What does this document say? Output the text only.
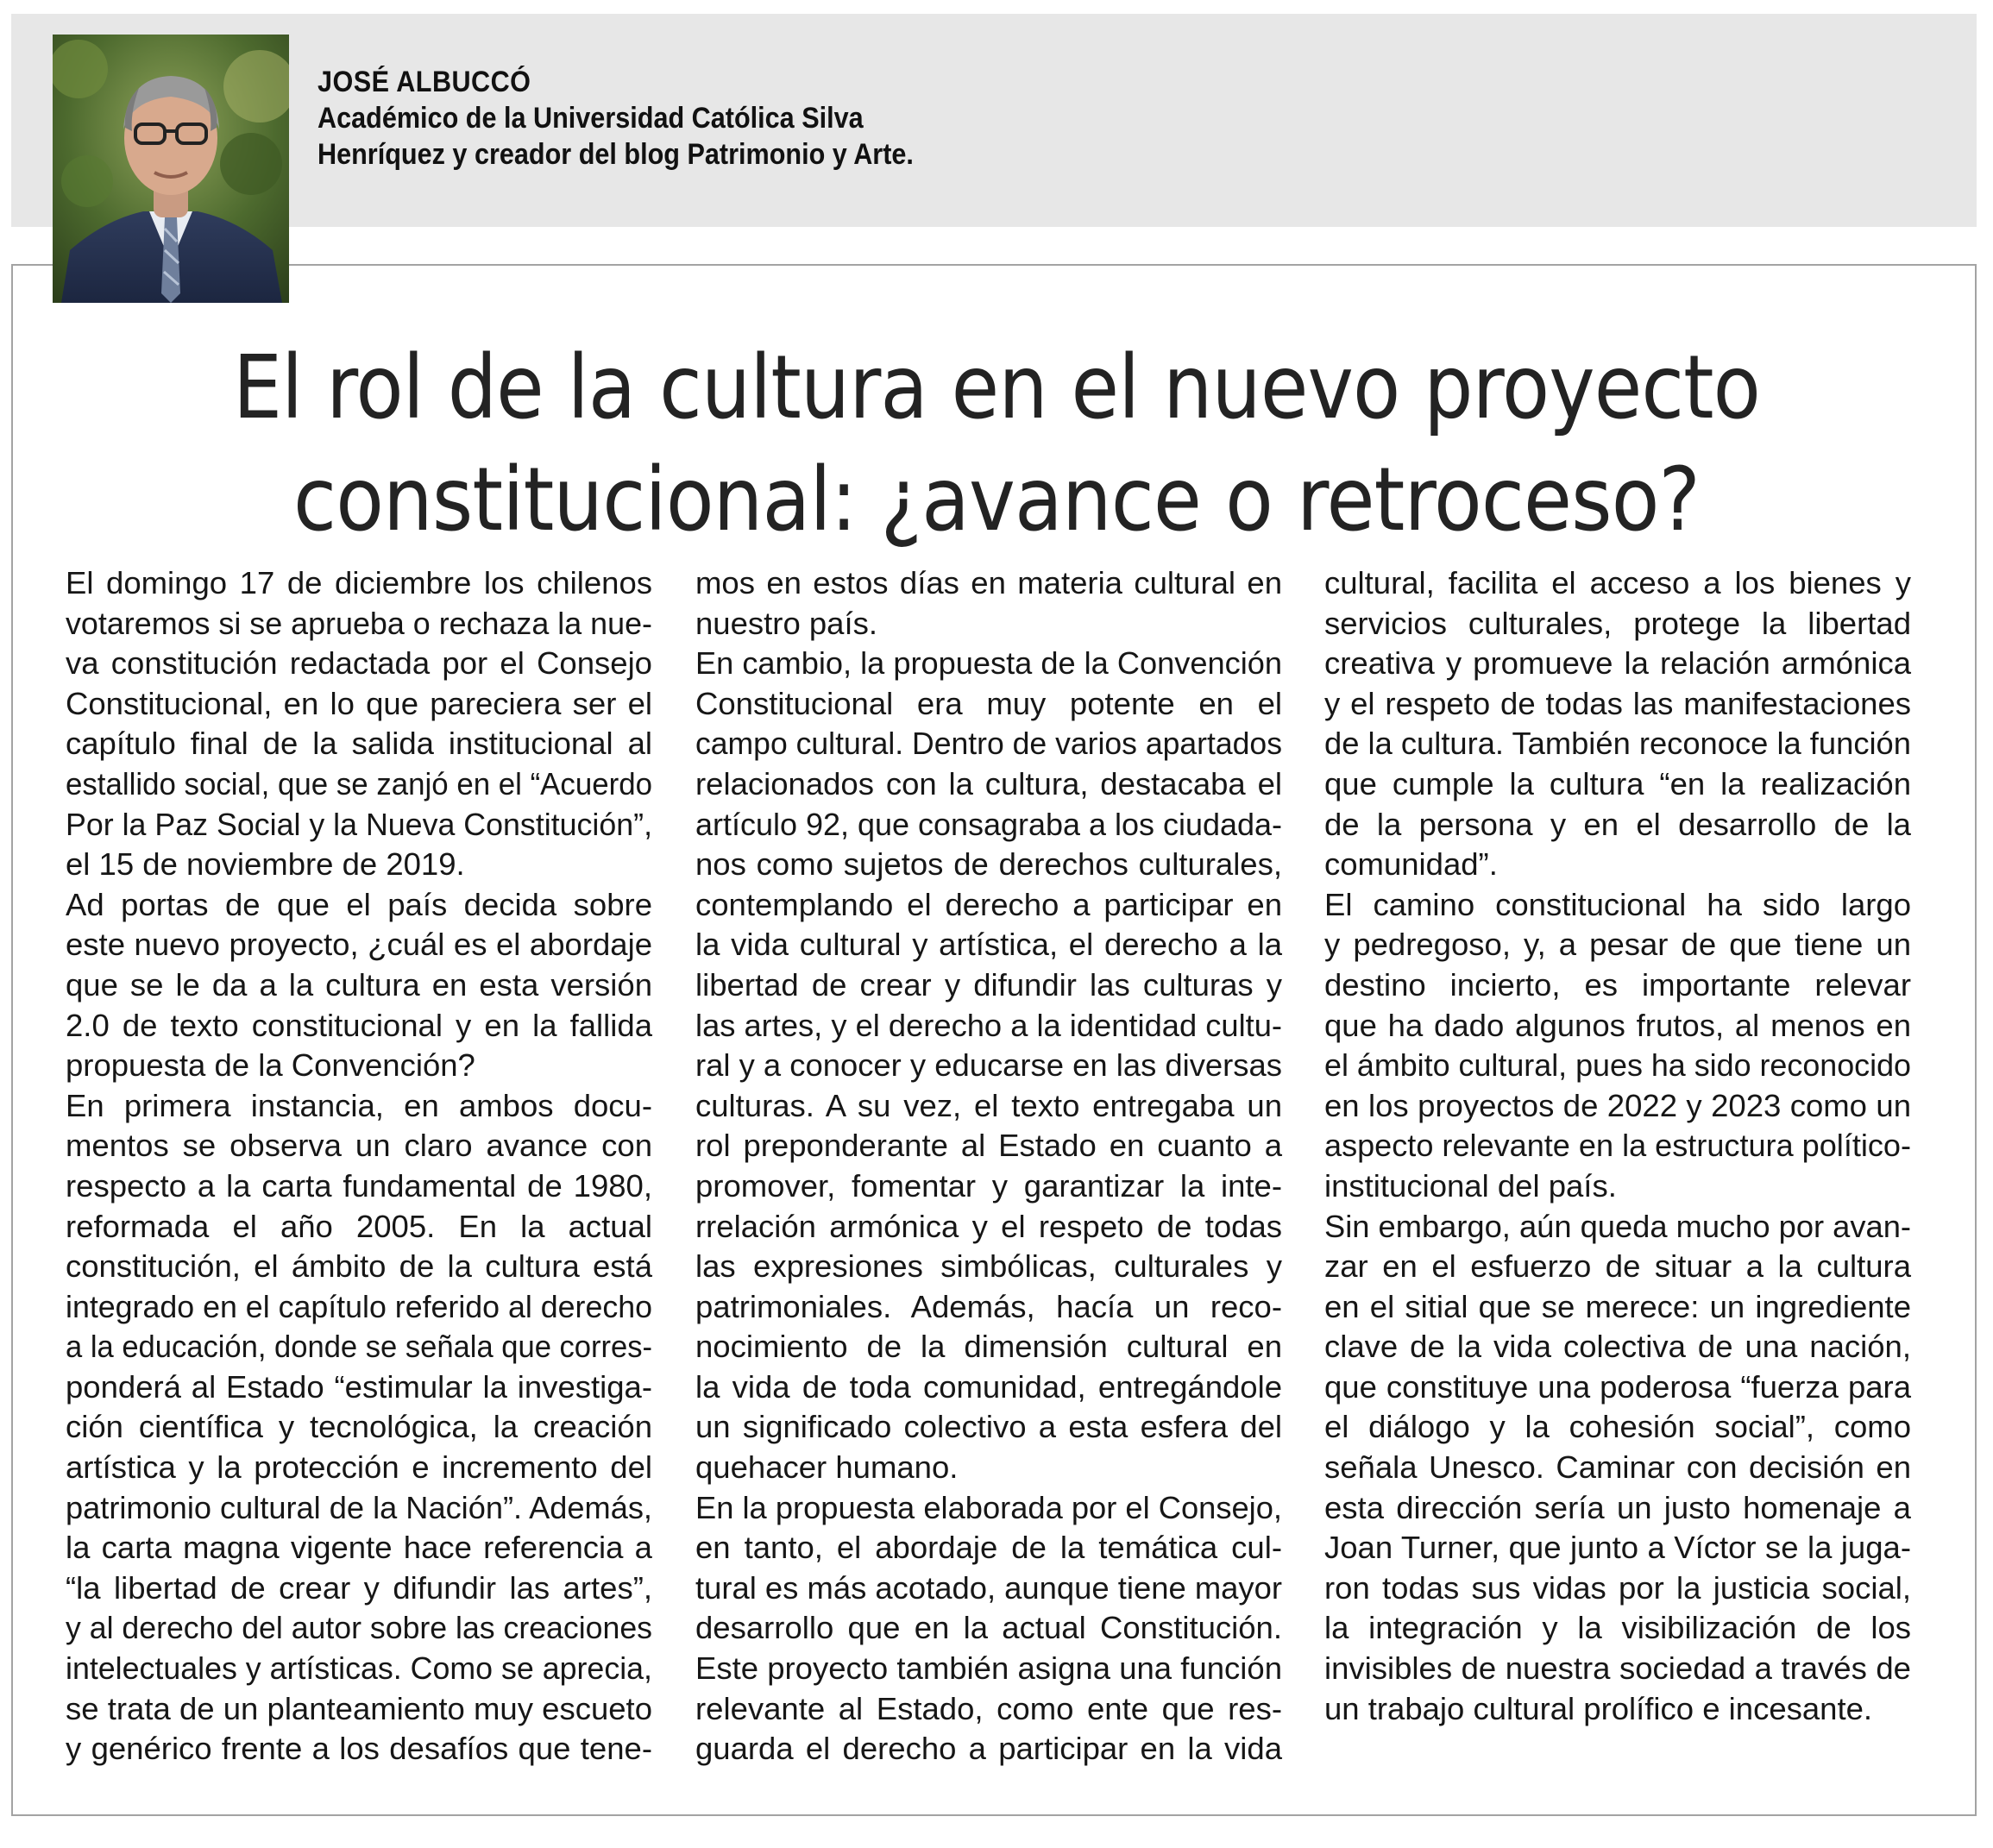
JOSÉ ALBUCCÓ
Académico de la Universidad Católica Silva
Henríquez y creador del blog Patrimonio y Arte.
El rol de la cultura en el nuevo proyecto
constitucional: ¿avance o retroceso?
El domingo 17 de diciembre los chilenos
votaremos si se aprueba o rechaza la nue-
va constitución redactada por el Consejo
Constitucional, en lo que pareciera ser el
capítulo final de la salida institucional al
estallido social, que se zanjó en el “Acuerdo
Por la Paz Social y la Nueva Constitución”,
el 15 de noviembre de 2019.
Ad portas de que el país decida sobre
este nuevo proyecto, ¿cuál es el abordaje
que se le da a la cultura en esta versión
2.0 de texto constitucional y en la fallida
propuesta de la Convención?
En primera instancia, en ambos docu-
mentos se observa un claro avance con
respecto a la carta fundamental de 1980,
reformada el año 2005. En la actual
constitución, el ámbito de la cultura está
integrado en el capítulo referido al derecho
a la educación, donde se señala que corres-
ponderá al Estado “estimular la investiga-
ción científica y tecnológica, la creación
artística y la protección e incremento del
patrimonio cultural de la Nación”. Además,
la carta magna vigente hace referencia a
“la libertad de crear y difundir las artes”,
y al derecho del autor sobre las creaciones
intelectuales y artísticas. Como se aprecia,
se trata de un planteamiento muy escueto
y genérico frente a los desafíos que tene-
mos en estos días en materia cultural en
nuestro país.
En cambio, la propuesta de la Convención
Constitucional era muy potente en el
campo cultural. Dentro de varios apartados
relacionados con la cultura, destacaba el
artículo 92, que consagraba a los ciudada-
nos como sujetos de derechos culturales,
contemplando el derecho a participar en
la vida cultural y artística, el derecho a la
libertad de crear y difundir las culturas y
las artes, y el derecho a la identidad cultu-
ral y a conocer y educarse en las diversas
culturas. A su vez, el texto entregaba un
rol preponderante al Estado en cuanto a
promover, fomentar y garantizar la inte-
rrelación armónica y el respeto de todas
las expresiones simbólicas, culturales y
patrimoniales. Además, hacía un reco-
nocimiento de la dimensión cultural en
la vida de toda comunidad, entregándole
un significado colectivo a esta esfera del
quehacer humano.
En la propuesta elaborada por el Consejo,
en tanto, el abordaje de la temática cul-
tural es más acotado, aunque tiene mayor
desarrollo que en la actual Constitución.
Este proyecto también asigna una función
relevante al Estado, como ente que res-
guarda el derecho a participar en la vida
cultural, facilita el acceso a los bienes y
servicios culturales, protege la libertad
creativa y promueve la relación armónica
y el respeto de todas las manifestaciones
de la cultura. También reconoce la función
que cumple la cultura “en la realización
de la persona y en el desarrollo de la
comunidad”.
El camino constitucional ha sido largo
y pedregoso, y, a pesar de que tiene un
destino incierto, es importante relevar
que ha dado algunos frutos, al menos en
el ámbito cultural, pues ha sido reconocido
en los proyectos de 2022 y 2023 como un
aspecto relevante en la estructura político-
institucional del país.
Sin embargo, aún queda mucho por avan-
zar en el esfuerzo de situar a la cultura
en el sitial que se merece: un ingrediente
clave de la vida colectiva de una nación,
que constituye una poderosa “fuerza para
el diálogo y la cohesión social”, como
señala Unesco. Caminar con decisión en
esta dirección sería un justo homenaje a
Joan Turner, que junto a Víctor se la juga-
ron todas sus vidas por la justicia social,
la integración y la visibilización de los
invisibles de nuestra sociedad a través de
un trabajo cultural prolífico e incesante.
